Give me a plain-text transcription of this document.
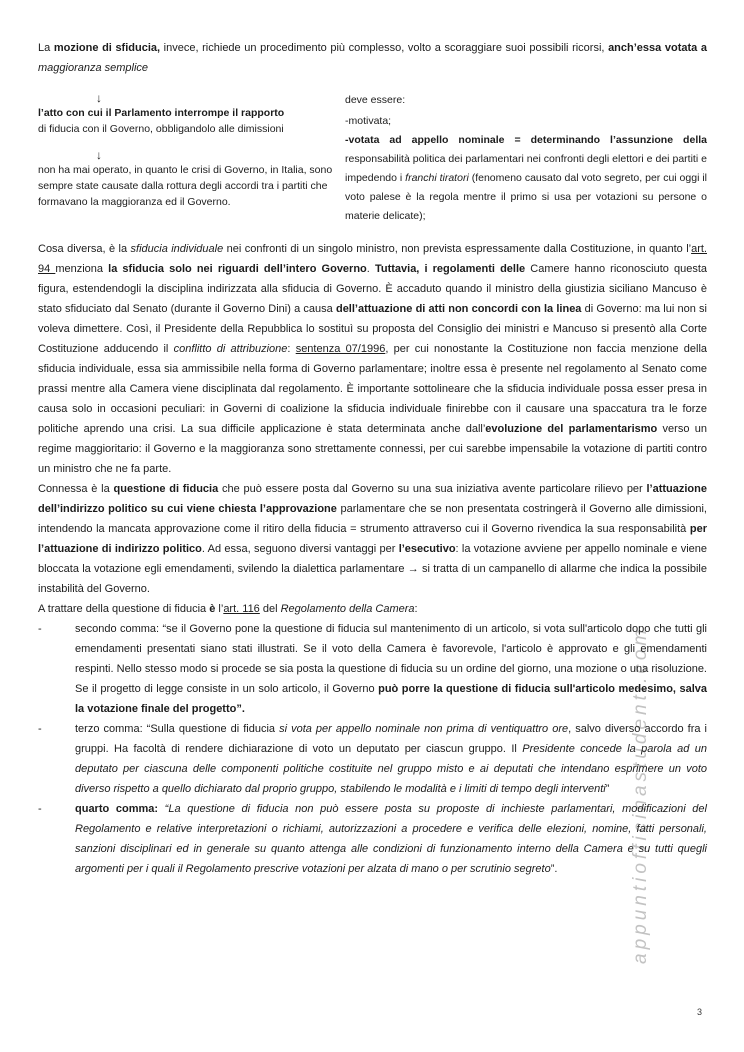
appuntiofficinastudenti.com

La mozione di sfiducia, invece, richiede un procedimento più complesso, volto a scoraggiare suoi possibili ricorsi, anch’essa votata a maggioranza semplice

↓
l’atto con cui il Parlamento interrompe il rapporto
di fiducia con il Governo, obbligandolo alle dimissioni
↓
non ha mai operato, in quanto le crisi di Governo, in Italia, sono sempre state causate dalla rottura degli accordi tra i partiti che formavano la maggioranza ed il Governo.
deve essere:
-motivata;
-votata ad appello nominale = determinando l’assunzione della responsabilità politica dei parlamentari nei confronti degli elettori e dei partiti e impedendo i franchi tiratori (fenomeno causato dal voto segreto, per cui oggi il voto palese è la regola mentre il primo si usa per votazioni su persone o materie delicate);

Cosa diversa, è la sfiducia individuale nei confronti di un singolo ministro, non prevista espressamente dalla Costituzione, in quanto l’art. 94 menziona la sfiducia solo nei riguardi dell’intero Governo. Tuttavia, i regolamenti delle Camere hanno riconosciuto questa figura, estendendogli la disciplina indirizzata alla sfiducia di Governo. È accaduto quando il ministro della giustizia siciliano Mancuso è stato sfiduciato dal Senato (durante il Governo Dini) a causa dell’attuazione di atti non concordi con la linea di Governo: ma lui non si voleva dimettere. Così, il Presidente della Repubblica lo sostituì su proposta del Consiglio dei ministri e Mancuso si presentò alla Corte Costituzione adducendo il conflitto di attribuzione: sentenza 07/1996, per cui nonostante la Costituzione non faccia menzione della sfiducia individuale, essa sia ammissibile nella forma di Governo parlamentare; inoltre essa è presente nel regolamento al Senato come prassi mentre alla Camera viene disciplinata dal regolamento. È importante sottolineare che la sfiducia individuale possa esser presa in causa solo in occasioni peculiari: in Governi di coalizione la sfiducia individuale finirebbe con il causare una spaccatura tra le forze politiche aprendo una crisi. La sua difficile applicazione è stata determinata anche dall’evoluzione del parlamentarismo verso un regime maggioritario: il Governo e la maggioranza sono strettamente connessi, per cui sarebbe impensabile la votazione di partiti contro un ministro che ne fa parte.

Connessa è la questione di fiducia che può essere posta dal Governo su una sua iniziativa avente particolare rilievo per l’attuazione dell’indirizzo politico su cui viene chiesta l’approvazione parlamentare che se non presentata costringerà il Governo alle dimissioni, intendendo la mancata approvazione come il ritiro della fiducia = strumento attraverso cui il Governo rivendica la sua responsabilità per l’attuazione di indirizzo politico. Ad essa, seguono diversi vantaggi per l’esecutivo: la votazione avviene per appello nominale e viene bloccata la votazione egli emendamenti, svilendo la dialettica parlamentare → si tratta di un campanello di allarme che indica la possibile instabilità del Governo.

A trattare della questione di fiducia è l’art. 116 del Regolamento della Camera:

-	secondo comma: “se il Governo pone la questione di fiducia sul mantenimento di un articolo, si vota sull'articolo dopo che tutti gli emendamenti presentati siano stati illustrati. Se il voto della Camera è favorevole, l'articolo è approvato e gli emendamenti respinti. Nello stesso modo si procede se sia posta la questione di fiducia su un ordine del giorno, una mozione o una risoluzione. Se il progetto di legge consiste in un solo articolo, il Governo può porre la questione di fiducia sull'articolo medesimo, salva la votazione finale del progetto”.
-	terzo comma: “Sulla questione di fiducia si vota per appello nominale non prima di ventiquattro ore, salvo diverso accordo fra i gruppi. Ha facoltà di rendere dichiarazione di voto un deputato per ciascun gruppo. Il Presidente concede la parola ad un deputato per ciascuna delle componenti politiche costituite nel gruppo misto e ai deputati che intendano esprimere un voto diverso rispetto a quello dichiarato dal proprio gruppo, stabilendo le modalità e i limiti di tempo degli interventi”
-	quarto comma: “La questione di fiducia non può essere posta su proposte di inchieste parlamentari, modificazioni del Regolamento e relative interpretazioni o richiami, autorizzazioni a procedere e verifica delle elezioni, nomine, fatti personali, sanzioni disciplinari ed in generale su quanto attenga alle condizioni di funzionamento interno della Camera e su tutti quegli argomenti per i quali il Regolamento prescrive votazioni per alzata di mano o per scrutinio segreto”.
3
